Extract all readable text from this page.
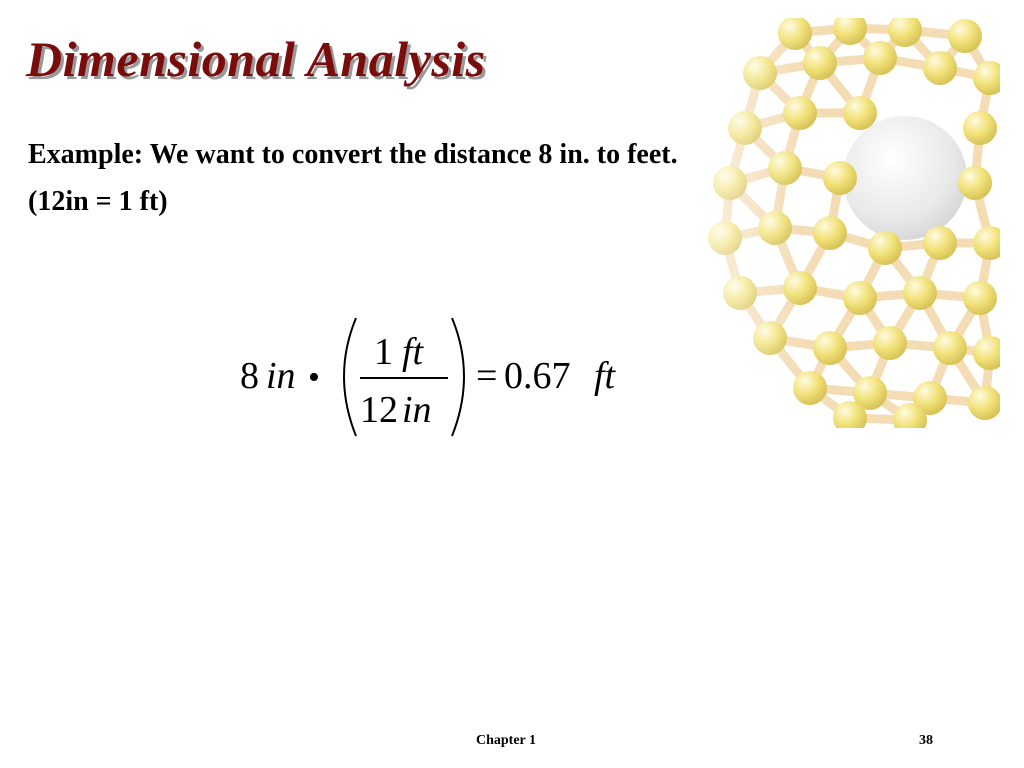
Dimensional Analysis

Example: We want to convert the distance 8 in. to feet.

(12in = 1 ft)

8 in •
1 ft
12 in
= 0.67 ft

Chapter 1	38
